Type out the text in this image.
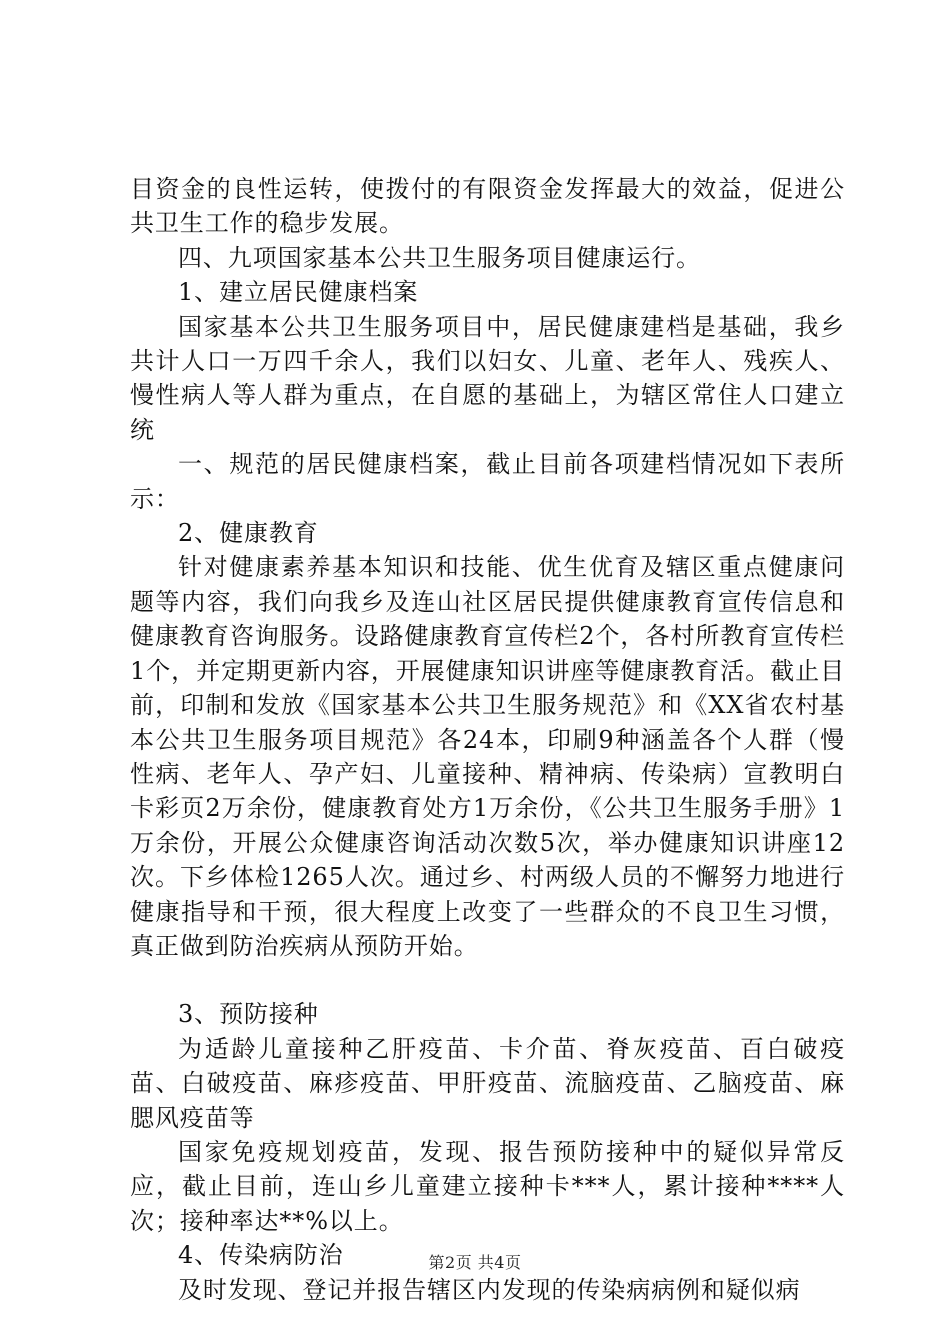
目资金的良性运转，使拨付的有限资金发挥最大的效益，促进公共卫生工作的稳步发展。

四、九项国家基本公共卫生服务项目健康运行。

1、建立居民健康档案

国家基本公共卫生服务项目中，居民健康建档是基础，我乡共计人口一万四千余人，我们以妇女、儿童、老年人、残疾人、慢性病人等人群为重点，在自愿的基础上，为辖区常住人口建立统

一、规范的居民健康档案，截止目前各项建档情况如下表所示：

2、健康教育

针对健康素养基本知识和技能、优生优育及辖区重点健康问题等内容，我们向我乡及连山社区居民提供健康教育宣传信息和健康教育咨询服务。设路健康教育宣传栏2个，各村所教育宣传栏1个，并定期更新内容，开展健康知识讲座等健康教育活。截止目前，印制和发放《国家基本公共卫生服务规范》和《XX省农村基本公共卫生服务项目规范》各24本，印刷9种涵盖各个人群（慢性病、老年人、孕产妇、儿童接种、精神病、传染病）宣教明白卡彩页2万余份，健康教育处方1万余份，《公共卫生服务手册》1万余份，开展公众健康咨询活动次数5次，举办健康知识讲座12次。下乡体检1265人次。通过乡、村两级人员的不懈努力地进行健康指导和干预，很大程度上改变了一些群众的不良卫生习惯，真正做到防治疾病从预防开始。

3、预防接种

为适龄儿童接种乙肝疫苗、卡介苗、脊灰疫苗、百白破疫苗、白破疫苗、麻疹疫苗、甲肝疫苗、流脑疫苗、乙脑疫苗、麻腮风疫苗等

国家免疫规划疫苗，发现、报告预防接种中的疑似异常反应，截止目前，连山乡儿童建立接种卡***人，累计接种****人次；接种率达**%以上。

4、传染病防治

及时发现、登记并报告辖区内发现的传染病病例和疑似病

第2页 共4页
